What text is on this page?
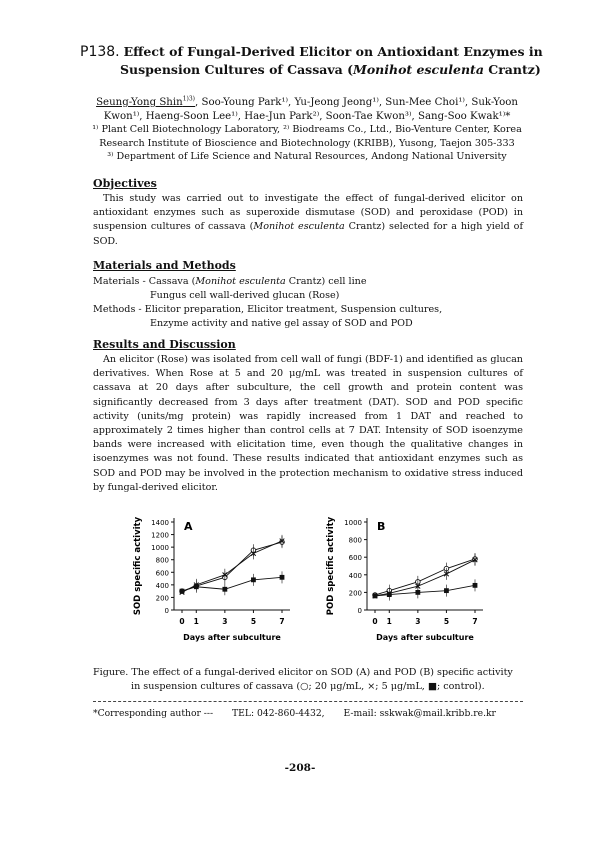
P138. Effect of Fungal-Derived Elicitor on Antioxidant Enzymes in
Suspension Cultures of Cassava (Monihot esculenta Crantz)
Seung-Yong Shin$^{1)3)}$, Soo-Young Park¹⁾, Yu-Jeong Jeong¹⁾, Sun-Mee Choi¹⁾, Suk-Yoon
Kwon¹⁾, Haeng-Soon Lee¹⁾, Hae-Jun Park²⁾, Soon-Tae Kwon³⁾, Sang-Soo Kwak¹⁾*
¹⁾ Plant Cell Biotechnology Laboratory, ²⁾ Biodreams Co., Ltd., Bio-Venture Center, Korea
Research Institute of Bioscience and Biotechnology (KRIBB), Yusong, Taejon 305-333
³⁾ Department of Life Science and Natural Resources, Andong National University
Objectives
This study was carried out to investigate the effect of fungal-derived elicitor on antioxidant enzymes such as superoxide dismutase (SOD) and peroxidase (POD) in suspension cultures of cassava (Monihot esculenta Crantz) selected for a high yield of SOD.
Materials and Methods
Materials - Cassava (Monihot esculenta Crantz) cell line
Fungus cell wall-derived glucan (Rose)
Methods - Elicitor preparation, Elicitor treatment, Suspension cultures,
Enzyme activity and native gel assay of SOD and POD
Results and Discussion
An elicitor (Rose) was isolated from cell wall of fungi (BDF-1) and identified as glucan derivatives. When Rose at 5 and 20 μg/mL was treated in suspension cultures of cassava at 20 days after subculture, the cell growth and protein content was significantly decreased from 3 days after treatment (DAT). SOD and POD specific activity (units/mg protein) was rapidly increased from 1 DAT and reached to approximately 2 times higher than control cells at 7 DAT. Intensity of SOD isoenzyme bands were increased with elicitation time, even though the qualitative changes in isoenzymes was not found. These results indicated that antioxidant enzymes such as SOD and POD may be involved in the protection mechanism to oxidative stress induced by fungal-derived elicitor.
0
200
400
600
800
1000
1200
1400
0 1	3	5	7
Days after subculture
SOD specific activity	A
0
200
400
600
800
1000
0 1	3	5	7
Days after subculture
POD specific activity	B
Figure. The effect of a fungal-derived elicitor on SOD (A) and POD (B) specific activity
in suspension cultures of cassava (○; 20 μg/mL, ×; 5 μg/mL, ■; control).
*Corresponding author --- TEL: 042-860-4432, E-mail: sskwak@mail.kribb.re.kr
-208-
